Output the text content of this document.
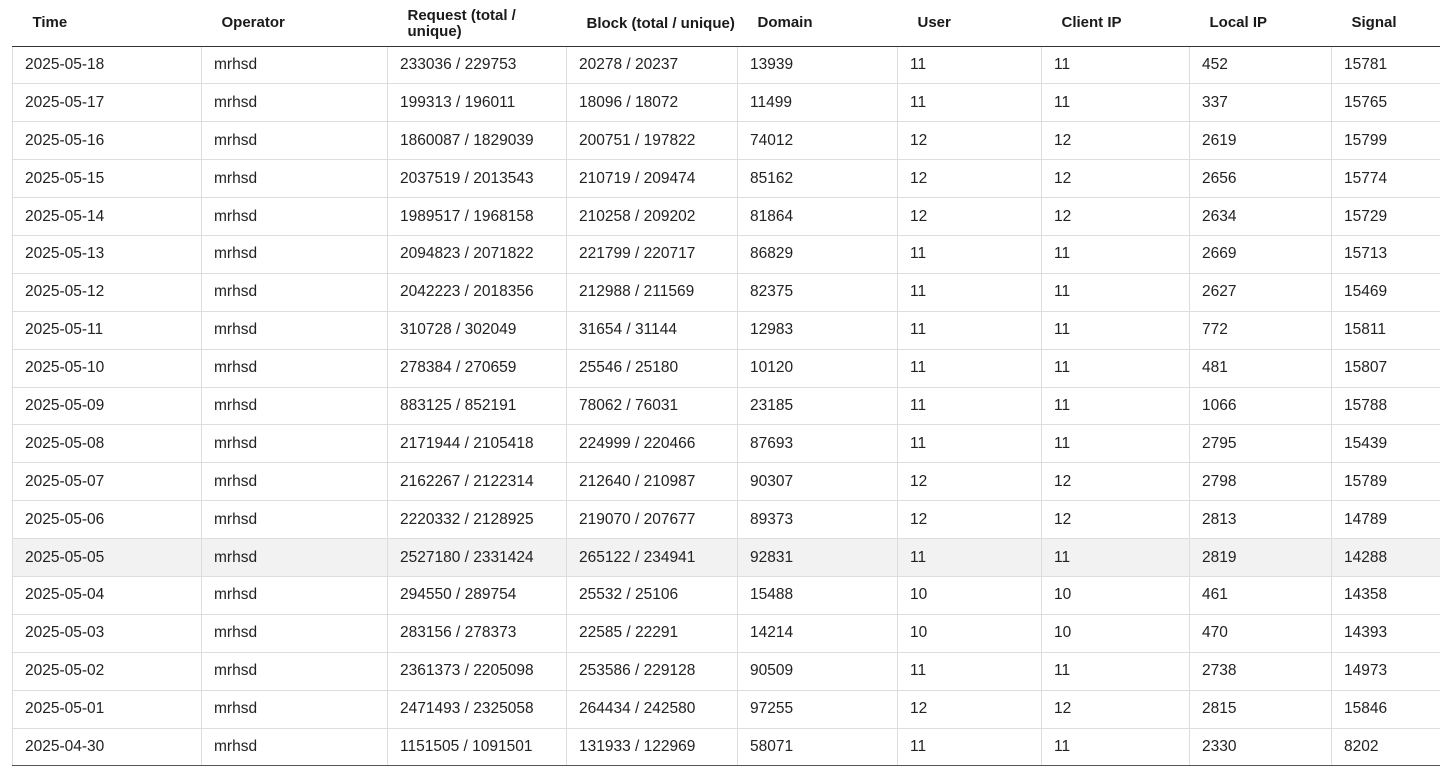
Time	Operator	Request (total / unique)	Block (total / unique)	Domain	User	Client IP	Local IP	Signal
2025-05-18	mrhsd	233036 / 229753	20278 / 20237	13939	11	11	452	15781
2025-05-17	mrhsd	199313 / 196011	18096 / 18072	11499	11	11	337	15765
2025-05-16	mrhsd	1860087 / 1829039	200751 / 197822	74012	12	12	2619	15799
2025-05-15	mrhsd	2037519 / 2013543	210719 / 209474	85162	12	12	2656	15774
2025-05-14	mrhsd	1989517 / 1968158	210258 / 209202	81864	12	12	2634	15729
2025-05-13	mrhsd	2094823 / 2071822	221799 / 220717	86829	11	11	2669	15713
2025-05-12	mrhsd	2042223 / 2018356	212988 / 211569	82375	11	11	2627	15469
2025-05-11	mrhsd	310728 / 302049	31654 / 31144	12983	11	11	772	15811
2025-05-10	mrhsd	278384 / 270659	25546 / 25180	10120	11	11	481	15807
2025-05-09	mrhsd	883125 / 852191	78062 / 76031	23185	11	11	1066	15788
2025-05-08	mrhsd	2171944 / 2105418	224999 / 220466	87693	11	11	2795	15439
2025-05-07	mrhsd	2162267 / 2122314	212640 / 210987	90307	12	12	2798	15789
2025-05-06	mrhsd	2220332 / 2128925	219070 / 207677	89373	12	12	2813	14789
2025-05-05	mrhsd	2527180 / 2331424	265122 / 234941	92831	11	11	2819	14288
2025-05-04	mrhsd	294550 / 289754	25532 / 25106	15488	10	10	461	14358
2025-05-03	mrhsd	283156 / 278373	22585 / 22291	14214	10	10	470	14393
2025-05-02	mrhsd	2361373 / 2205098	253586 / 229128	90509	11	11	2738	14973
2025-05-01	mrhsd	2471493 / 2325058	264434 / 242580	97255	12	12	2815	15846
2025-04-30	mrhsd	1151505 / 1091501	131933 / 122969	58071	11	11	2330	8202
